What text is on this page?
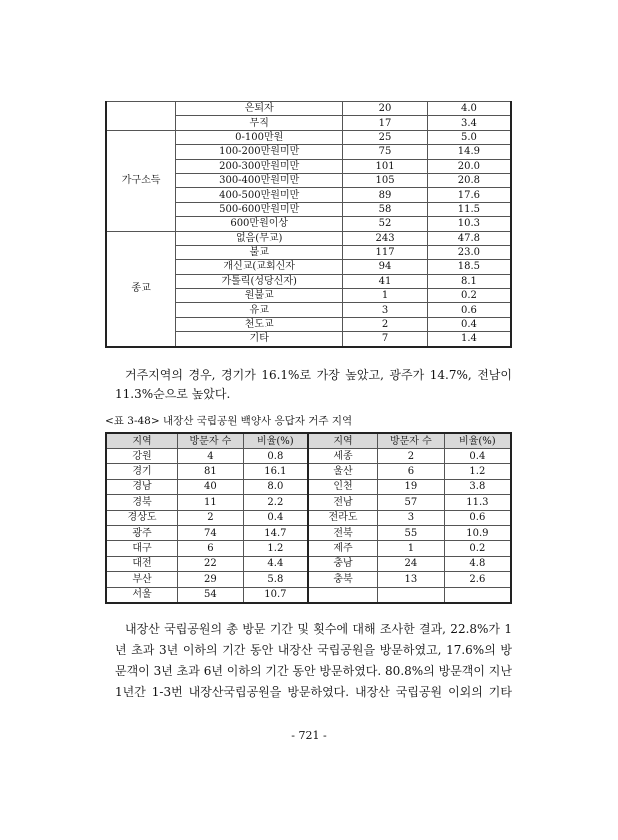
	은퇴자	20	4.0
	무직	17	3.4
가구소득	0-100만원	25	5.0
	100-200만원미만	75	14.9
	200-300만원미만	101	20.0
	300-400만원미만	105	20.8
	400-500만원미만	89	17.6
	500-600만원미만	58	11.5
	600만원이상	52	10.3
종교	없음(무교)	243	47.8
	불교	117	23.0
	개신교(교회신자	94	18.5
	가톨릭(성당신자)	41	8.1
	원불교	1	0.2
	유교	3	0.6
	천도교	2	0.4
	기타	7	1.4
거주지역의 경우, 경기가 16.1%로 가장 높았고, 광주가 14.7%, 전남이
11.3%순으로 높았다.
<표 3-48> 내장산 국립공원 백양사 응답자 거주 지역
지역	방문자 수	비율(%)	지역	방문자 수	비율(%)
강원	4	0.8	세종	2	0.4
경기	81	16.1	울산	6	1.2
경남	40	8.0	인천	19	3.8
경북	11	2.2	전남	57	11.3
경상도	2	0.4	전라도	3	0.6
광주	74	14.7	전북	55	10.9
대구	6	1.2	제주	1	0.2
대전	22	4.4	충남	24	4.8
부산	29	5.8	충북	13	2.6
서울	54	10.7			
내장산 국립공원의 총 방문 기간 및 횟수에 대해 조사한 결과, 22.8%가 1
년 초과 3년 이하의 기간 동안 내장산 국립공원을 방문하였고, 17.6%의 방
문객이 3년 초과 6년 이하의 기간 동안 방문하였다. 80.8%의 방문객이 지난
1년간 1-3번 내장산국립공원을 방문하였다. 내장산 국립공원 이외의 기타
- 721 -
